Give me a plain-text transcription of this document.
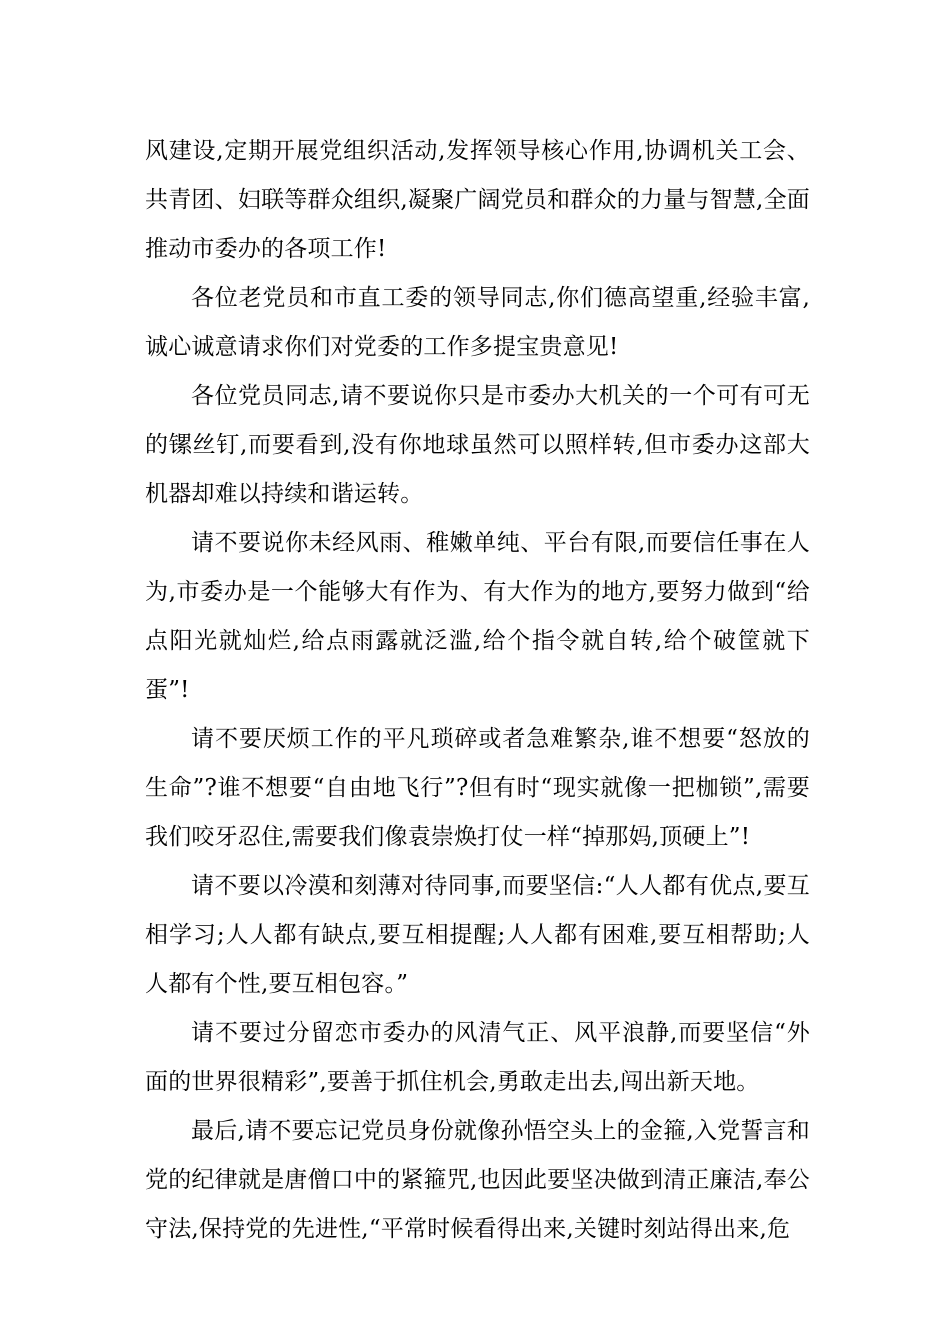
风建设,定期开展党组织活动,发挥领导核心作用,协调机关工会、共青团、妇联等群众组织,凝聚广阔党员和群众的力量与智慧,全面推动市委办的各项工作!

各位老党员和市直工委的领导同志,你们德高望重,经验丰富,诚心诚意请求你们对党委的工作多提宝贵意见!

各位党员同志,请不要说你只是市委办大机关的一个可有可无的镙丝钉,而要看到,没有你地球虽然可以照样转,但市委办这部大机器却难以持续和谐运转。

请不要说你未经风雨、稚嫩单纯、平台有限,而要信任事在人为,市委办是一个能够大有作为、有大作为的地方,要努力做到“给点阳光就灿烂,给点雨露就泛滥,给个指令就自转,给个破筐就下蛋”!

请不要厌烦工作的平凡琐碎或者急难繁杂,谁不想要“怒放的生命”?谁不想要“自由地飞行”?但有时“现实就像一把枷锁”,需要我们咬牙忍住,需要我们像袁崇焕打仗一样“掉那妈,顶硬上”!

请不要以冷漠和刻薄对待同事,而要坚信:“人人都有优点,要互相学习;人人都有缺点,要互相提醒;人人都有困难,要互相帮助;人人都有个性,要互相包容。”

请不要过分留恋市委办的风清气正、风平浪静,而要坚信“外面的世界很精彩”,要善于抓住机会,勇敢走出去,闯出新天地。

最后,请不要忘记党员身份就像孙悟空头上的金箍,入党誓言和党的纪律就是唐僧口中的紧箍咒,也因此要坚决做到清正廉洁,奉公守法,保持党的先进性,“平常时候看得出来,关键时刻站得出来,危
